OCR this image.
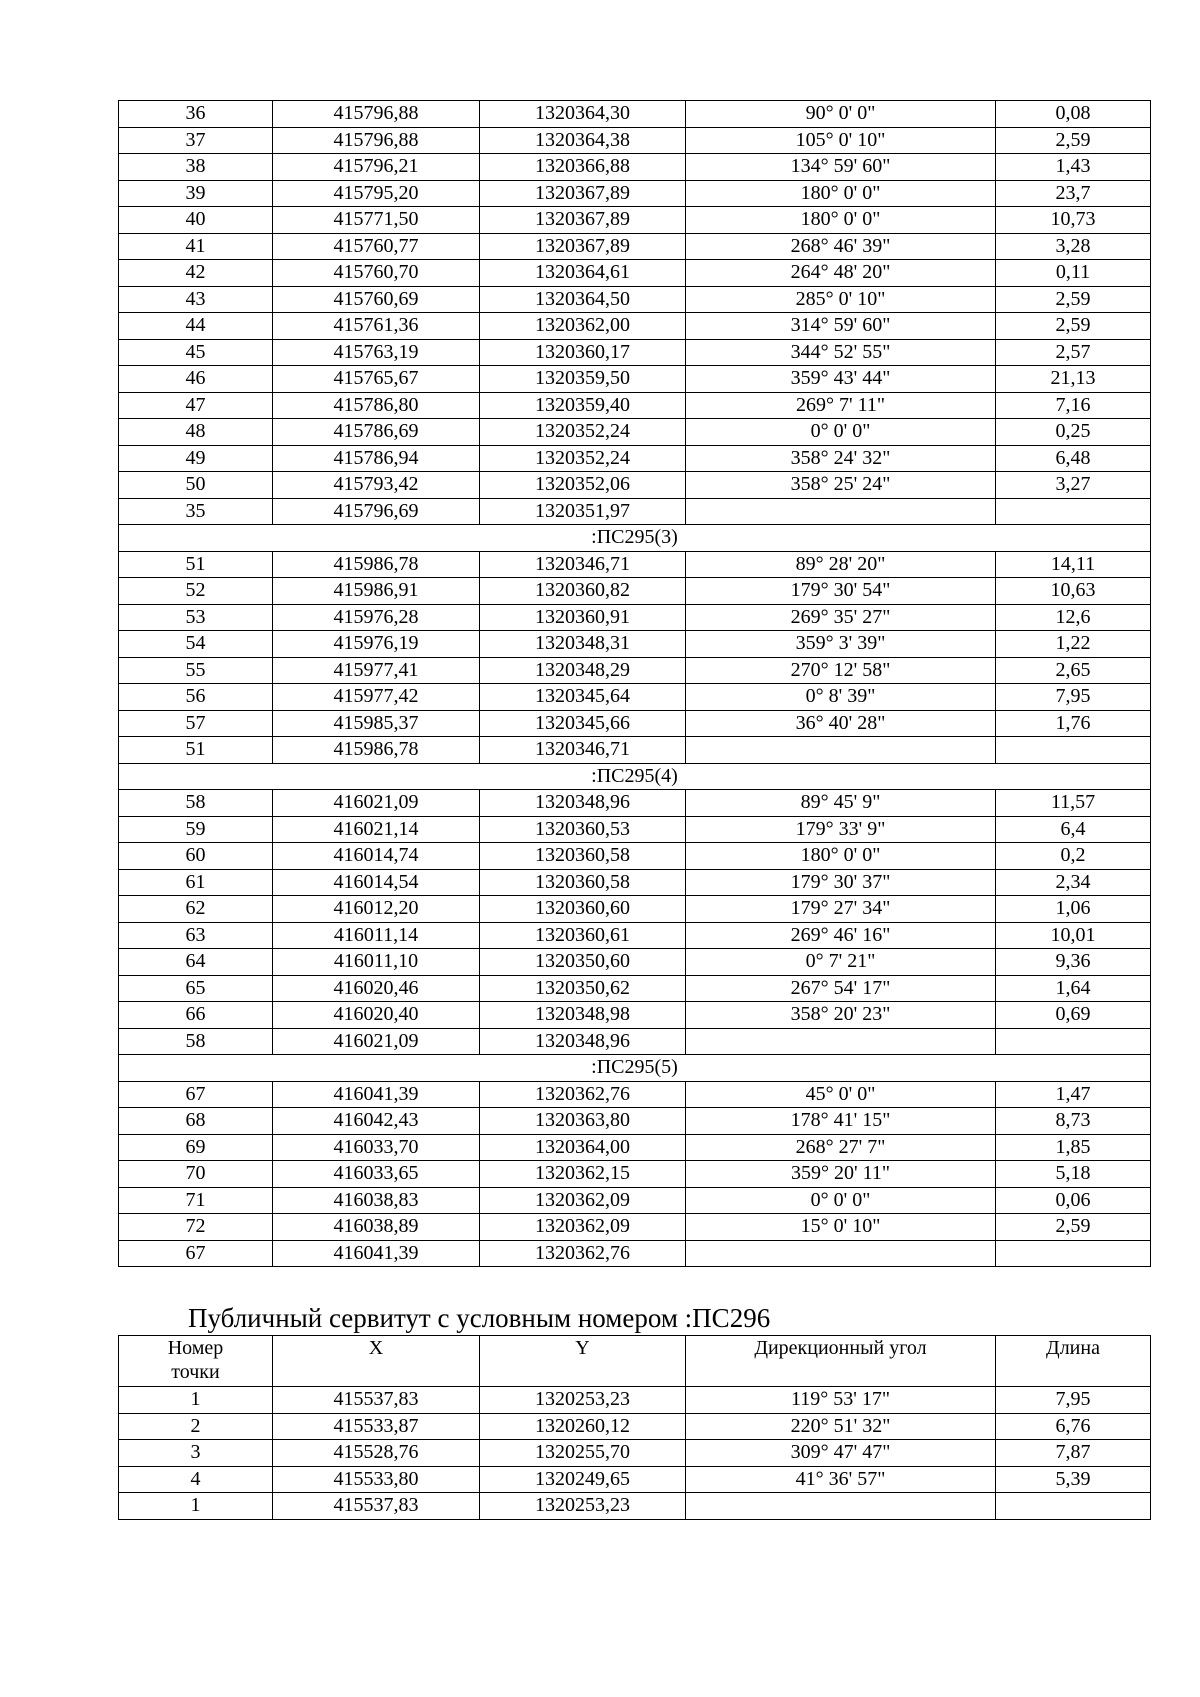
36	415796,88	1320364,30	90° 0' 0"	0,08
37	415796,88	1320364,38	105° 0' 10"	2,59
38	415796,21	1320366,88	134° 59' 60"	1,43
39	415795,20	1320367,89	180° 0' 0"	23,7
40	415771,50	1320367,89	180° 0' 0"	10,73
41	415760,77	1320367,89	268° 46' 39"	3,28
42	415760,70	1320364,61	264° 48' 20"	0,11
43	415760,69	1320364,50	285° 0' 10"	2,59
44	415761,36	1320362,00	314° 59' 60"	2,59
45	415763,19	1320360,17	344° 52' 55"	2,57
46	415765,67	1320359,50	359° 43' 44"	21,13
47	415786,80	1320359,40	269° 7' 11"	7,16
48	415786,69	1320352,24	0° 0' 0"	0,25
49	415786,94	1320352,24	358° 24' 32"	6,48
50	415793,42	1320352,06	358° 25' 24"	3,27
35	415796,69	1320351,97		
:ПС295(3)				
51	415986,78	1320346,71	89° 28' 20"	14,11
52	415986,91	1320360,82	179° 30' 54"	10,63
53	415976,28	1320360,91	269° 35' 27"	12,6
54	415976,19	1320348,31	359° 3' 39"	1,22
55	415977,41	1320348,29	270° 12' 58"	2,65
56	415977,42	1320345,64	0° 8' 39"	7,95
57	415985,37	1320345,66	36° 40' 28"	1,76
51	415986,78	1320346,71		
:ПС295(4)				
58	416021,09	1320348,96	89° 45' 9"	11,57
59	416021,14	1320360,53	179° 33' 9"	6,4
60	416014,74	1320360,58	180° 0' 0"	0,2
61	416014,54	1320360,58	179° 30' 37"	2,34
62	416012,20	1320360,60	179° 27' 34"	1,06
63	416011,14	1320360,61	269° 46' 16"	10,01
64	416011,10	1320350,60	0° 7' 21"	9,36
65	416020,46	1320350,62	267° 54' 17"	1,64
66	416020,40	1320348,98	358° 20' 23"	0,69
58	416021,09	1320348,96		
:ПС295(5)				
67	416041,39	1320362,76	45° 0' 0"	1,47
68	416042,43	1320363,80	178° 41' 15"	8,73
69	416033,70	1320364,00	268° 27' 7"	1,85
70	416033,65	1320362,15	359° 20' 11"	5,18
71	416038,83	1320362,09	0° 0' 0"	0,06
72	416038,89	1320362,09	15° 0' 10"	2,59
67	416041,39	1320362,76		
Публичный сервитут с условным номером :ПС296
Номер
точки	X	Y	Дирекционный угол	Длина
1	415537,83	1320253,23	119° 53' 17"	7,95
2	415533,87	1320260,12	220° 51' 32"	6,76
3	415528,76	1320255,70	309° 47' 47"	7,87
4	415533,80	1320249,65	41° 36' 57"	5,39
1	415537,83	1320253,23		
